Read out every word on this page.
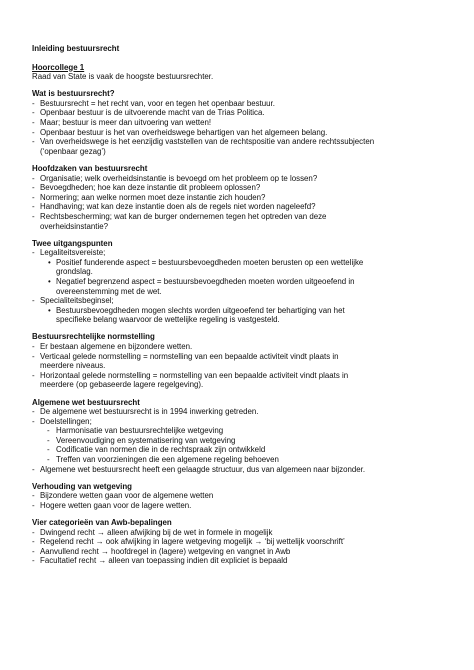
Inleiding bestuursrecht
Hoorcollege 1
Raad van State is vaak de hoogste bestuursrechter.
Wat is bestuursrecht?
- Bestuursrecht = het recht van, voor en tegen het openbaar bestuur.
- Openbaar bestuur is de uitvoerende macht van de Trias Politica.
- Maar; bestuur is meer dan uitvoering van wetten!
- Openbaar bestuur is het van overheidswege behartigen van het algemeen belang.
- Van overheidswege is het eenzijdig vaststellen van de rechtspositie van andere rechtssubjecten
(‘openbaar gezag’)
Hoofdzaken van bestuursrecht
- Organisatie; welk overheidsinstantie is bevoegd om het probleem op te lossen?
- Bevoegdheden; hoe kan deze instantie dit probleem oplossen?
- Normering; aan welke normen moet deze instantie zich houden?
- Handhaving; wat kan deze instantie doen als de regels niet worden nageleefd?
- Rechtsbescherming; wat kan de burger ondernemen tegen het optreden van deze
overheidsinstantie?
Twee uitgangspunten
- Legaliteitsvereiste;
• Positief funderende aspect = bestuursbevoegdheden moeten berusten op een wettelijke
grondslag.
• Negatief begrenzend aspect = bestuursbevoegdheden moeten worden uitgeoefend in
overeenstemming met de wet.
- Specialiteitsbeginsel;
• Bestuursbevoegdheden mogen slechts worden uitgeoefend ter behartiging van het
specifieke belang waarvoor de wettelijke regeling is vastgesteld.
Bestuursrechtelijke normstelling
- Er bestaan algemene en bijzondere wetten.
- Verticaal gelede normstelling = normstelling van een bepaalde activiteit vindt plaats in
meerdere niveaus.
- Horizontaal gelede normstelling = normstelling van een bepaalde activiteit vindt plaats in
meerdere (op gebaseerde lagere regelgeving).
Algemene wet bestuursrecht
- De algemene wet bestuursrecht is in 1994 inwerking getreden.
- Doelstellingen;
- Harmonisatie van bestuursrechtelijke wetgeving
- Vereenvoudiging en systematisering van wetgeving
- Codificatie van normen die in de rechtspraak zijn ontwikkeld
- Treffen van voorzieningen die een algemene regeling behoeven
- Algemene wet bestuursrecht heeft een gelaagde structuur, dus van algemeen naar bijzonder.
Verhouding van wetgeving
- Bijzondere wetten gaan voor de algemene wetten
- Hogere wetten gaan voor de lagere wetten.
Vier categorieën van Awb-bepalingen
- Dwingend recht → alleen afwijking bij de wet in formele in mogelijk
- Regelend recht → ook afwijking in lagere wetgeving mogelijk → ‘bij wettelijk voorschrift’
- Aanvullend recht → hoofdregel in (lagere) wetgeving en vangnet in Awb
- Facultatief recht → alleen van toepassing indien dit expliciet is bepaald
